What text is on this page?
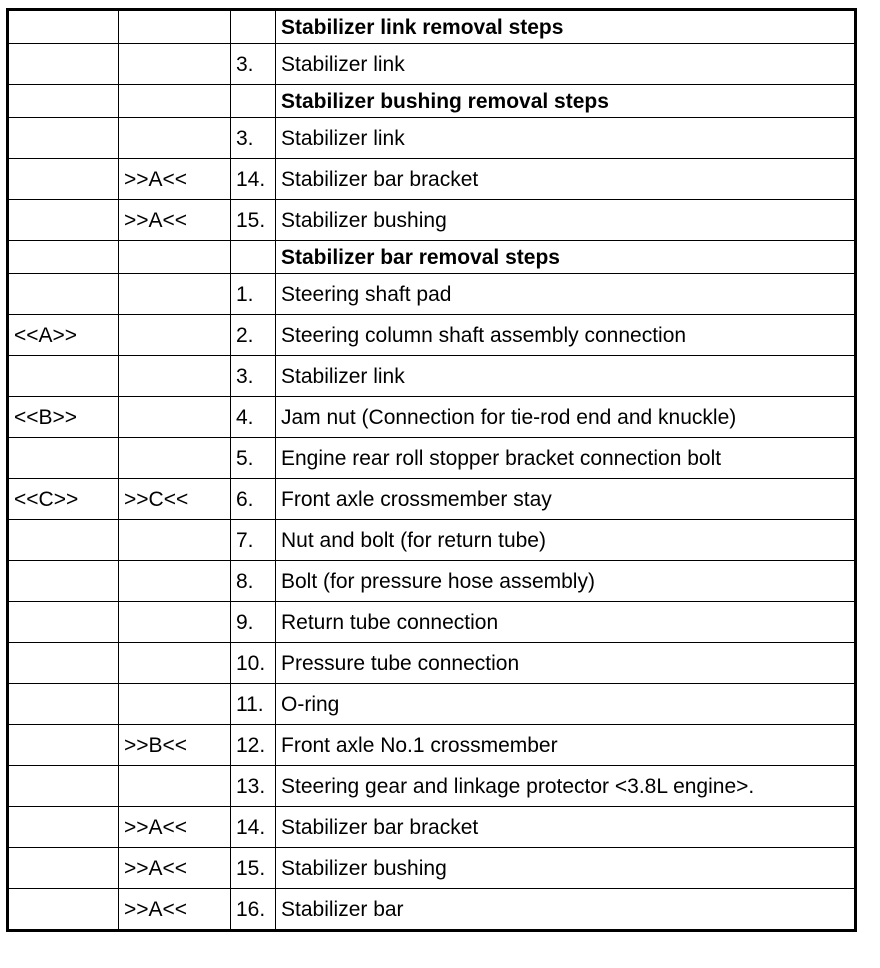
			Stabilizer link removal steps
		3.	Stabilizer link
			Stabilizer bushing removal steps
		3.	Stabilizer link
	>>A<<	14.	Stabilizer bar bracket
	>>A<<	15.	Stabilizer bushing
			Stabilizer bar removal steps
		1.	Steering shaft pad
<<A>>		2.	Steering column shaft assembly connection
		3.	Stabilizer link
<<B>>		4.	Jam nut (Connection for tie-rod end and knuckle)
		5.	Engine rear roll stopper bracket connection bolt
<<C>>	>>C<<	6.	Front axle crossmember stay
		7.	Nut and bolt (for return tube)
		8.	Bolt (for pressure hose assembly)
		9.	Return tube connection
		10.	Pressure tube connection
		11.	O-ring
	>>B<<	12.	Front axle No.1 crossmember
		13.	Steering gear and linkage protector <3.8L engine>.
	>>A<<	14.	Stabilizer bar bracket
	>>A<<	15.	Stabilizer bushing
	>>A<<	16.	Stabilizer bar
